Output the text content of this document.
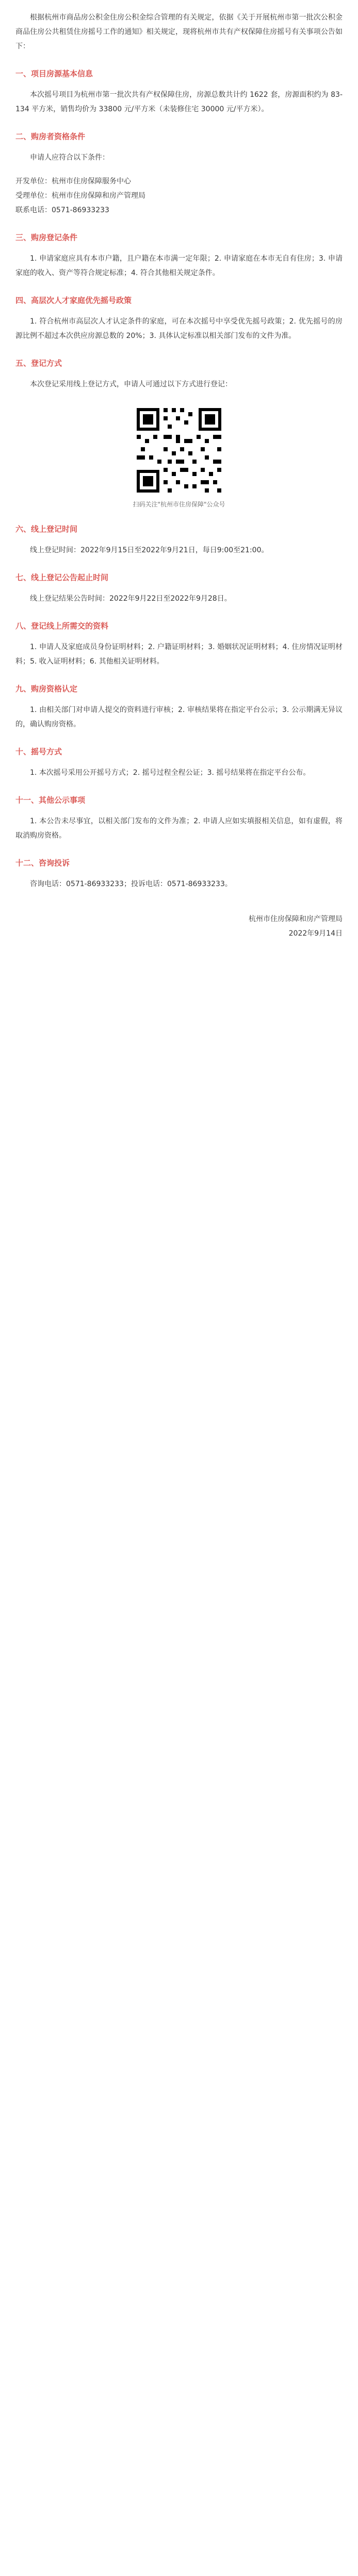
根据杭州市商品房公积金住房公积金综合管理的有关规定，依据《关于开展杭州市第一批次公积金商品住房公共租赁住房摇号工作的通知》相关规定，现将杭州市共有产权保障住房摇号有关事项公告如下：

一、项目房源基本信息

本次摇号项目为杭州市第一批次共有产权保障住房，房源总数共计约 1622 套，房源面积约为 83-134 平方米，销售均价为 33800 元/平方米（未装修住宅 30000 元/平方米）。

二、购房者资格条件

申请人应符合以下条件：

开发单位：杭州市住房保障服务中心

受理单位：杭州市住房保障和房产管理局

联系电话：0571-86933233

三、购房登记条件

1. 申请家庭应具有本市户籍，且户籍在本市满一定年限；2. 申请家庭在本市无自有住房；3. 申请家庭的收入、资产等符合规定标准；4. 符合其他相关规定条件。

四、高层次人才家庭优先摇号政策

1. 符合杭州市高层次人才认定条件的家庭，可在本次摇号中享受优先摇号政策；2. 优先摇号的房源比例不超过本次供应房源总数的 20%；3. 具体认定标准以相关部门发布的文件为准。

五、登记方式

本次登记采用线上登记方式，申请人可通过以下方式进行登记：

扫码关注"杭州市住房保障"公众号
六、线上登记时间

线上登记时间：2022年9月15日至2022年9月21日，每日9:00至21:00。

七、线上登记公告起止时间

线上登记结果公告时间：2022年9月22日至2022年9月28日。

八、登记线上所需交的资料

1. 申请人及家庭成员身份证明材料；2. 户籍证明材料；3. 婚姻状况证明材料；4. 住房情况证明材料；5. 收入证明材料；6. 其他相关证明材料。

九、购房资格认定

1. 由相关部门对申请人提交的资料进行审核；2. 审核结果将在指定平台公示；3. 公示期满无异议的，确认购房资格。

十、摇号方式

1. 本次摇号采用公开摇号方式；2. 摇号过程全程公证；3. 摇号结果将在指定平台公布。

十一、其他公示事项

1. 本公告未尽事宜，以相关部门发布的文件为准；2. 申请人应如实填报相关信息，如有虚假，将取消购房资格。

十二、咨询投诉

咨询电话：0571-86933233；投诉电话：0571-86933233。

杭州市住房保障和房产管理局

2022年9月14日
